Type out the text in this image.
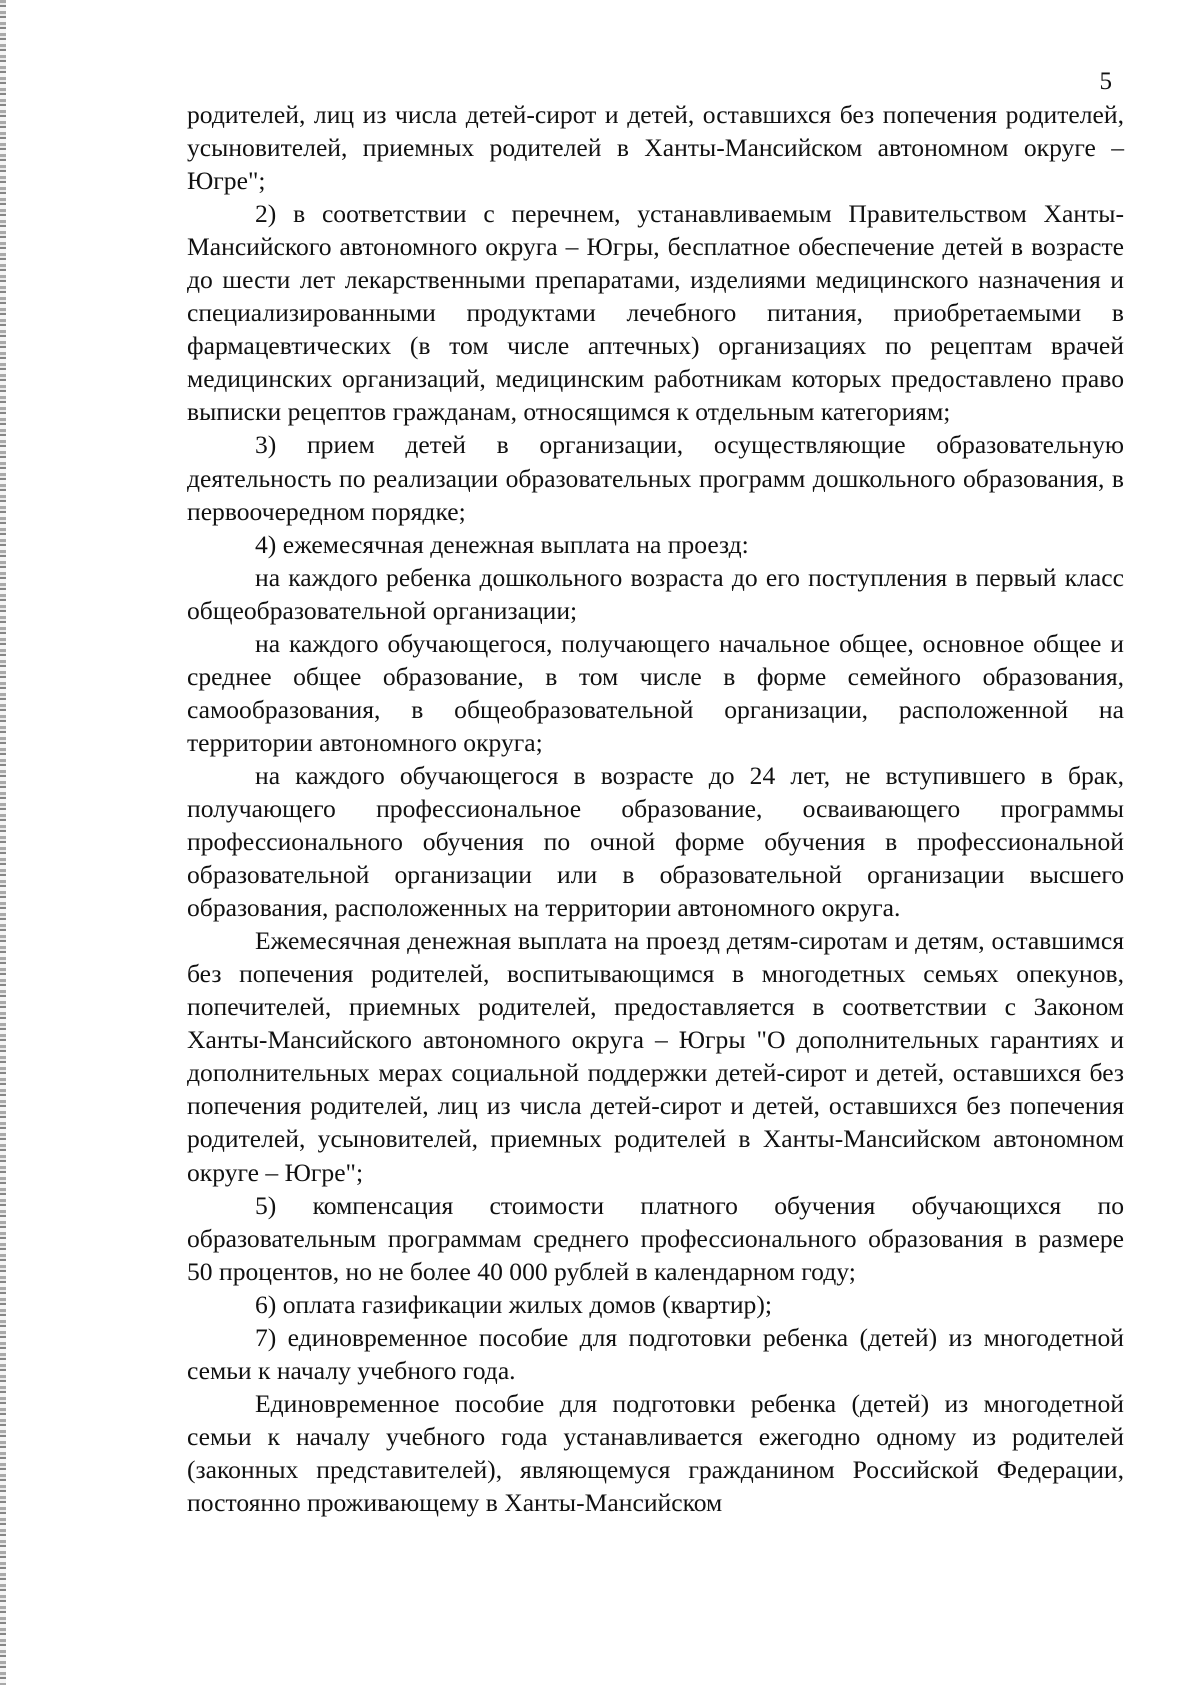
5

родителей, лиц из числа детей-сирот и детей, оставшихся без попечения родителей, усыновителей, приемных родителей в Ханты-Мансийском автономном округе – Югре";

2) в соответствии с перечнем, устанавливаемым Правительством Ханты-Мансийского автономного округа – Югры, бесплатное обеспечение детей в возрасте до шести лет лекарственными препаратами, изделиями медицинского назначения и специализированными продуктами лечебного питания, приобретаемыми в фармацевтических (в том числе аптечных) организациях по рецептам врачей медицинских организаций, медицинским работникам которых предоставлено право выписки рецептов гражданам, относящимся к отдельным категориям;

3) прием детей в организации, осуществляющие образовательную деятельность по реализации образовательных программ дошкольного образования, в первоочередном порядке;

4) ежемесячная денежная выплата на проезд:

на каждого ребенка дошкольного возраста до его поступления в первый класс общеобразовательной организации;

на каждого обучающегося, получающего начальное общее, основное общее и среднее общее образование, в том числе в форме семейного образования, самообразования, в общеобразовательной организации, расположенной на территории автономного округа;

на каждого обучающегося в возрасте до 24 лет, не вступившего в брак, получающего профессиональное образование, осваивающего программы профессионального обучения по очной форме обучения в профессиональной образовательной организации или в образовательной организации высшего образования, расположенных на территории автономного округа.

Ежемесячная денежная выплата на проезд детям-сиротам и детям, оставшимся без попечения родителей, воспитывающимся в многодетных семьях опекунов, попечителей, приемных родителей, предоставляется в соответствии с Законом Ханты-Мансийского автономного округа – Югры "О дополнительных гарантиях и дополнительных мерах социальной поддержки детей-сирот и детей, оставшихся без попечения родителей, лиц из числа детей-сирот и детей, оставшихся без попечения родителей, усыновителей, приемных родителей в Ханты-Мансийском автономном округе – Югре";

5) компенсация стоимости платного обучения обучающихся по образовательным программам среднего профессионального образования в размере 50 процентов, но не более 40 000 рублей в календарном году;

6) оплата газификации жилых домов (квартир);

7) единовременное пособие для подготовки ребенка (детей) из многодетной семьи к началу учебного года.

Единовременное пособие для подготовки ребенка (детей) из многодетной семьи к началу учебного года устанавливается ежегодно одному из родителей (законных представителей), являющемуся гражданином Российской Федерации, постоянно проживающему в Ханты-Мансийском
